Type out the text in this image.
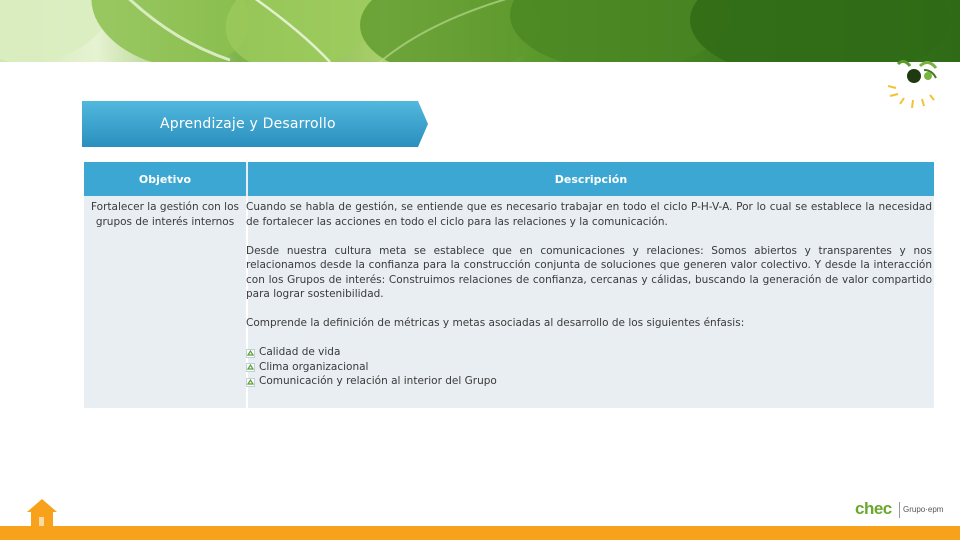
Aprendizaje y Desarrollo
Objetivo	Descripción
Fortalecer la gestión con los grupos de interés internos

Cuando se habla de gestión, se entiende que es necesario trabajar en todo el ciclo P-H-V-A. Por lo cual se establece la necesidad de fortalecer las acciones en todo el ciclo para las relaciones y la comunicación.

Desde nuestra cultura meta se establece que en comunicaciones y relaciones: Somos abiertos y transparentes y nos relacionamos desde la confianza para la construcción conjunta de soluciones que generen valor colectivo. Y desde la interacción con los Grupos de interés: Construimos relaciones de confianza, cercanas y cálidas, buscando la generación de valor compartido para lograr sostenibilidad.

Comprende la definición de métricas y metas asociadas al desarrollo de los siguientes énfasis:

Calidad de vida
Clima organizacional
Comunicación y relación al interior del Grupo
chec Grupo·epm
